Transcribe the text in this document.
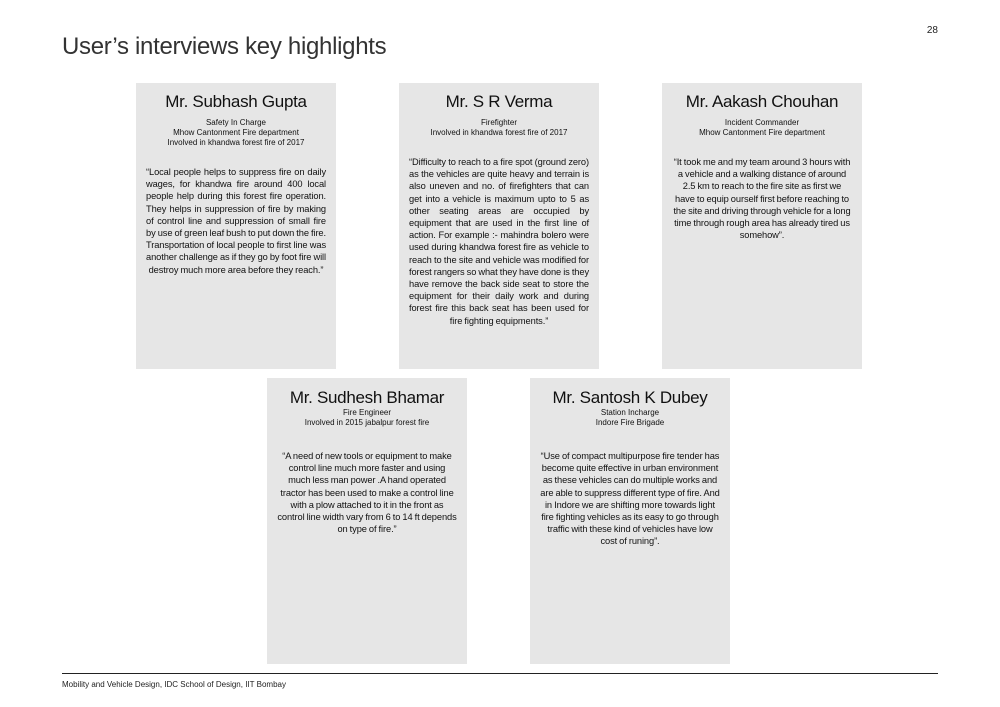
28
User’s interviews key highlights
Mr. Subhash Gupta
Safety In Charge
Mhow Cantonment Fire department
Involved in khandwa forest fire of 2017

“Local people helps to suppress fire on daily wages, for khandwa fire around 400 local people help during this forest fire operation. They helps in suppression of fire by making of control line and suppression of small fire by use of green leaf bush to put down the fire. Transportation of local people to first line was another challenge as if they go by foot fire will destroy much more area before they reach.”

Mr. S R Verma
Firefighter
Involved in khandwa forest fire of 2017

“Difficulty to reach to a fire spot (ground zero) as the vehicles are quite heavy and terrain is also uneven and no. of firefighters that can get into a vehicle is maximum upto to 5 as other seating areas are occupied by equipment that are used in the first line of action. For example :- mahindra bolero were used during khandwa forest fire as vehicle to reach to the site and vehicle was modified for forest rangers so what they have done is they have remove the back side seat to store the equipment for their daily work and during forest fire this back seat has been used for fire fighting equipments.”

Mr. Aakash Chouhan
Incident Commander
Mhow Cantonment Fire department

“It took me and my team around 3 hours with a vehicle and a walking distance of around 2.5 km to reach to the fire site as first we have to equip ourself first before reaching to the site and driving through vehicle for a long time through rough area has already tired us somehow”.

Mr. Sudhesh Bhamar
Fire Engineer
Involved in 2015 jabalpur forest fire

“A need of new tools or equipment to make control line much more faster and using much less man power .A hand operated tractor has been used to make a control line with a plow attached to it in the front as control line width vary from 6 to 14 ft depends on type of fire.”

Mr. Santosh K Dubey
Station Incharge
Indore Fire Brigade

“Use of compact multipurpose fire tender has become quite effective in urban environment as these vehicles can do multiple works and are able to suppress different type of fire. And in Indore we are shifting more towards light fire fighting vehicles as its easy to go through traffic with these kind of vehicles have low cost of runing”.

Mobility and Vehicle Design, IDC School of Design, IIT Bombay
